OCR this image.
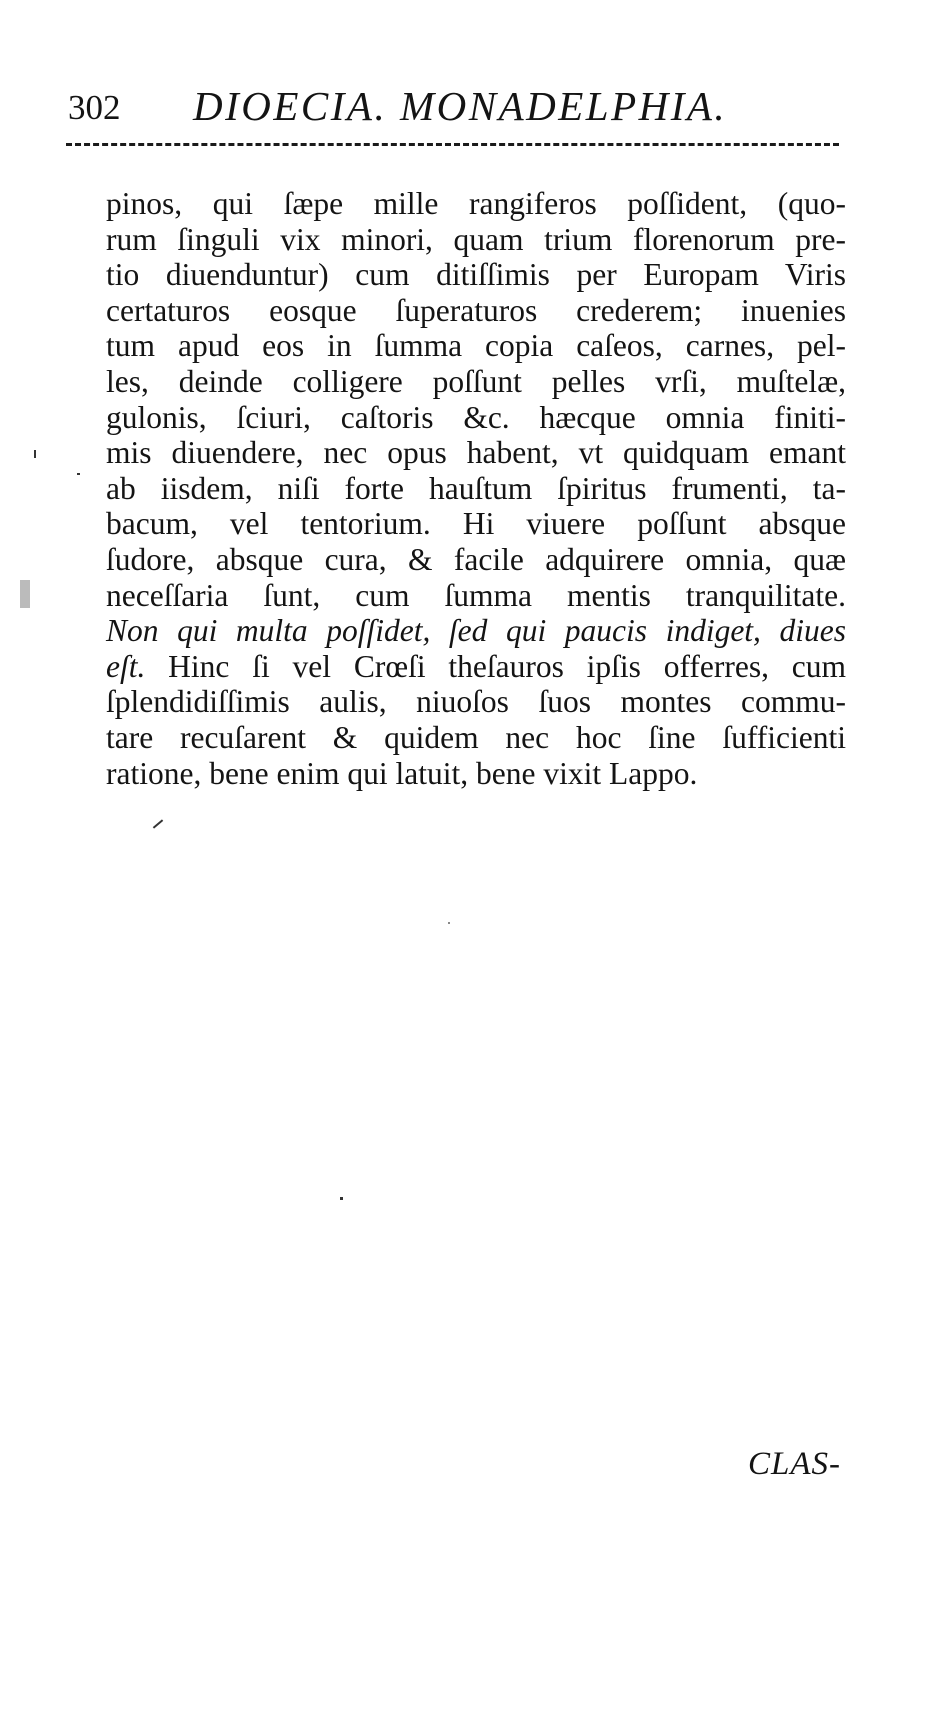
302 DIOECIA. MONADELPHIA.
pinos, qui ſæpe mille rangiferos poſſident, (quo-
rum ſinguli vix minori, quam trium florenorum pre-
tio diuenduntur) cum ditiſſimis per Europam Viris
certaturos eosque ſuperaturos crederem; inuenies
tum apud eos in ſumma copia caſeos, carnes, pel-
les, deinde colligere poſſunt pelles vrſi, muſtelæ,
gulonis, ſciuri, caſtoris &c. hæcque omnia finiti-
mis diuendere, nec opus habent, vt quidquam emant
ab iisdem, niſi forte hauſtum ſpiritus frumenti, ta-
bacum, vel tentorium. Hi viuere poſſunt absque
ſudore, absque cura, & facile adquirere omnia, quæ
neceſſaria ſunt, cum ſumma mentis tranquilitate.
Non qui multa poſſidet, ſed qui paucis indiget, diues
eſt. Hinc ſi vel Crœſi theſauros ipſis offerres, cum
ſplendidiſſimis aulis, niuoſos ſuos montes commu-
tare recuſarent & quidem nec hoc ſine ſufficienti
ratione, bene enim qui latuit, bene vixit Lappo.
CLAS-
